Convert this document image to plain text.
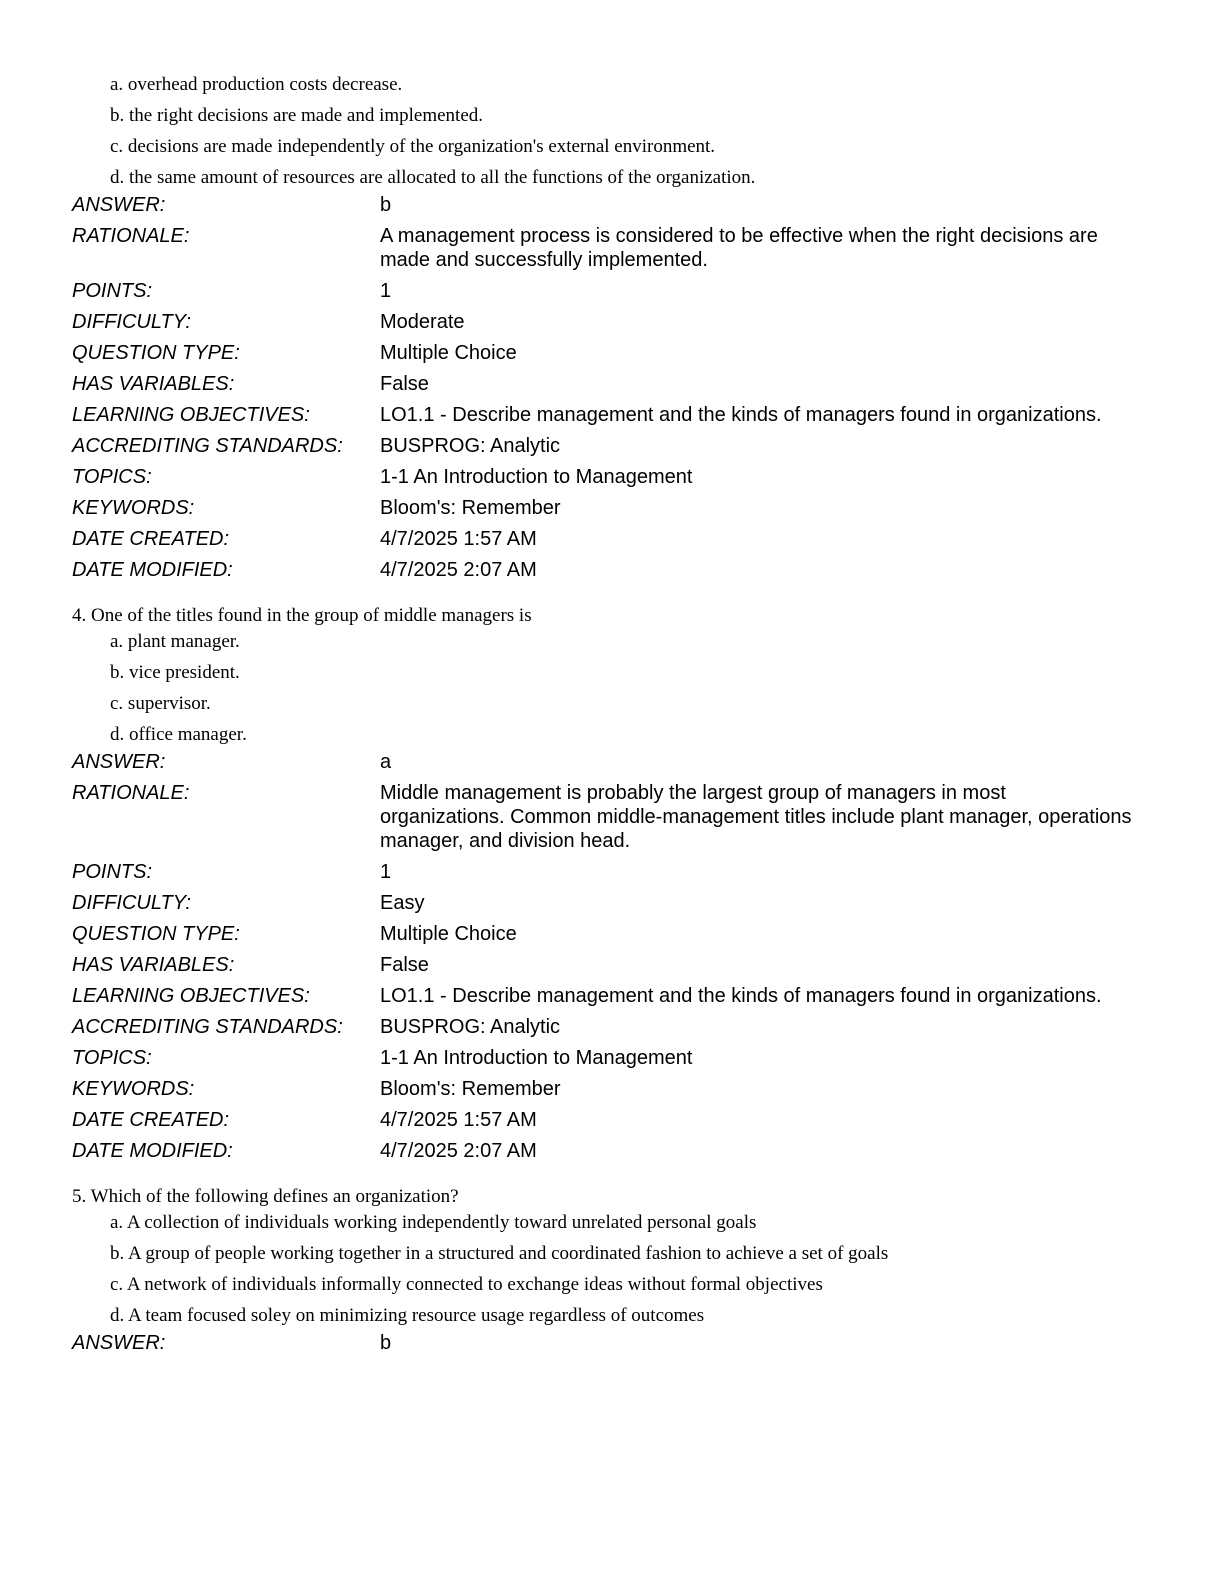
a. overhead production costs decrease.
b. the right decisions are made and implemented.
c. decisions are made independently of the organization's external environment.
d. the same amount of resources are allocated to all the functions of the organization.
ANSWER:	b
RATIONALE:	A management process is considered to be effective when the right decisions are made and successfully implemented.
POINTS:	1
DIFFICULTY:	Moderate
QUESTION TYPE:	Multiple Choice
HAS VARIABLES:	False
LEARNING OBJECTIVES:	LO1.1 - Describe management and the kinds of managers found in organizations.
ACCREDITING STANDARDS:	BUSPROG: Analytic
TOPICS:	1-1 An Introduction to Management
KEYWORDS:	Bloom's: Remember
DATE CREATED:	4/7/2025 1:57 AM
DATE MODIFIED:	4/7/2025 2:07 AM
4. One of the titles found in the group of middle managers is
a. plant manager.
b. vice president.
c. supervisor.
d. office manager.
ANSWER:	a
RATIONALE:	Middle management is probably the largest group of managers in most organizations. Common middle-management titles include plant manager, operations manager, and division head.
POINTS:	1
DIFFICULTY:	Easy
QUESTION TYPE:	Multiple Choice
HAS VARIABLES:	False
LEARNING OBJECTIVES:	LO1.1 - Describe management and the kinds of managers found in organizations.
ACCREDITING STANDARDS:	BUSPROG: Analytic
TOPICS:	1-1 An Introduction to Management
KEYWORDS:	Bloom's: Remember
DATE CREATED:	4/7/2025 1:57 AM
DATE MODIFIED:	4/7/2025 2:07 AM
5. Which of the following defines an organization?
a. A collection of individuals working independently toward unrelated personal goals
b. A group of people working together in a structured and coordinated fashion to achieve a set of goals
c. A network of individuals informally connected to exchange ideas without formal objectives
d. A team focused soley on minimizing resource usage regardless of outcomes
ANSWER:	b
